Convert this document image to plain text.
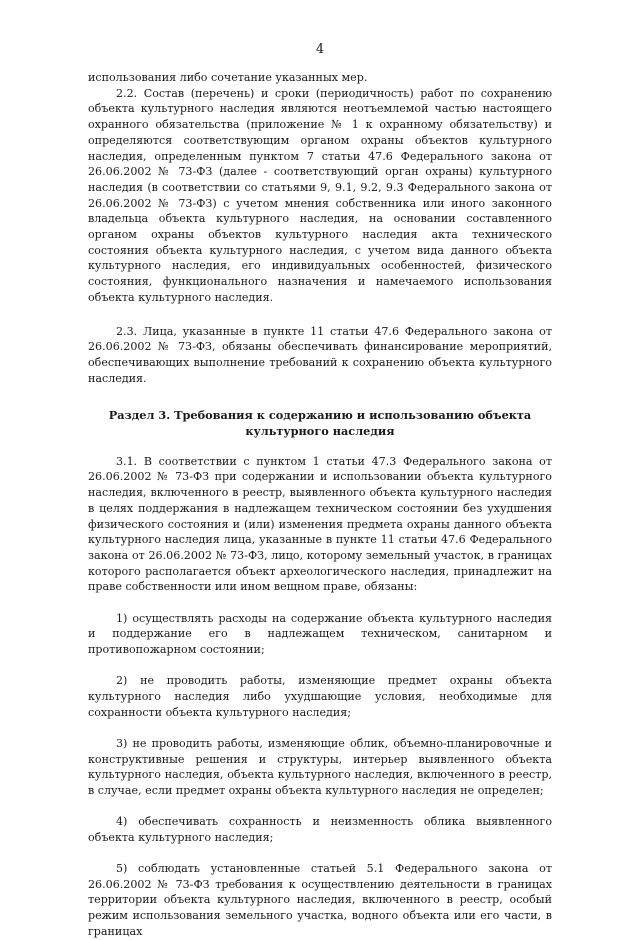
4

использования либо сочетание указанных мер.

2.2. Состав (перечень) и сроки (периодичность) работ по сохранению объекта культурного наследия являются неотъемлемой частью настоящего охранного обязательства (приложение № 1 к охранному обязательству) и определяются соответствующим органом охраны объектов культурного наследия, определенным пунктом 7 статьи 47.6 Федерального закона от 26.06.2002 № 73-ФЗ (далее - соответствующий орган охраны) культурного наследия (в соответствии со статьями 9, 9.1, 9.2, 9.3 Федерального закона от 26.06.2002 № 73-ФЗ) с учетом мнения собственника или иного законного владельца объекта культурного наследия, на основании составленного органом охраны объектов культурного наследия акта технического состояния объекта культурного наследия, с учетом вида данного объекта культурного наследия, его индивидуальных особенностей, физического состояния, функционального назначения и намечаемого использования объекта культурного наследия.

2.3. Лица, указанные в пункте 11 статьи 47.6 Федерального закона от 26.06.2002 № 73-ФЗ, обязаны обеспечивать финансирование мероприятий, обеспечивающих выполнение требований к сохранению объекта культурного наследия.

Раздел 3. Требования к содержанию и использованию объекта культурного наследия

3.1. В соответствии с пунктом 1 статьи 47.3 Федерального закона от 26.06.2002 № 73-ФЗ при содержании и использовании объекта культурного наследия, включенного в реестр, выявленного объекта культурного наследия в целях поддержания в надлежащем техническом состоянии без ухудшения физического состояния и (или) изменения предмета охраны данного объекта культурного наследия лица, указанные в пункте 11 статьи 47.6 Федерального закона от 26.06.2002 № 73-ФЗ, лицо, которому земельный участок, в границах которого располагается объект археологического наследия, принадлежит на праве собственности или ином вещном праве, обязаны:

1) осуществлять расходы на содержание объекта культурного наследия и поддержание его в надлежащем техническом, санитарном и противопожарном состоянии;

2) не проводить работы, изменяющие предмет охраны объекта культурного наследия либо ухудшающие условия, необходимые для сохранности объекта культурного наследия;

3) не проводить работы, изменяющие облик, объемно-планировочные и конструктивные решения и структуры, интерьер выявленного объекта культурного наследия, объекта культурного наследия, включенного в реестр, в случае, если предмет охраны объекта культурного наследия не определен;

4) обеспечивать сохранность и неизменность облика выявленного объекта культурного наследия;

5) соблюдать установленные статьей 5.1 Федерального закона от 26.06.2002 № 73-ФЗ требования к осуществлению деятельности в границах территории объекта культурного наследия, включенного в реестр, особый режим использования земельного участка, водного объекта или его части, в границах
